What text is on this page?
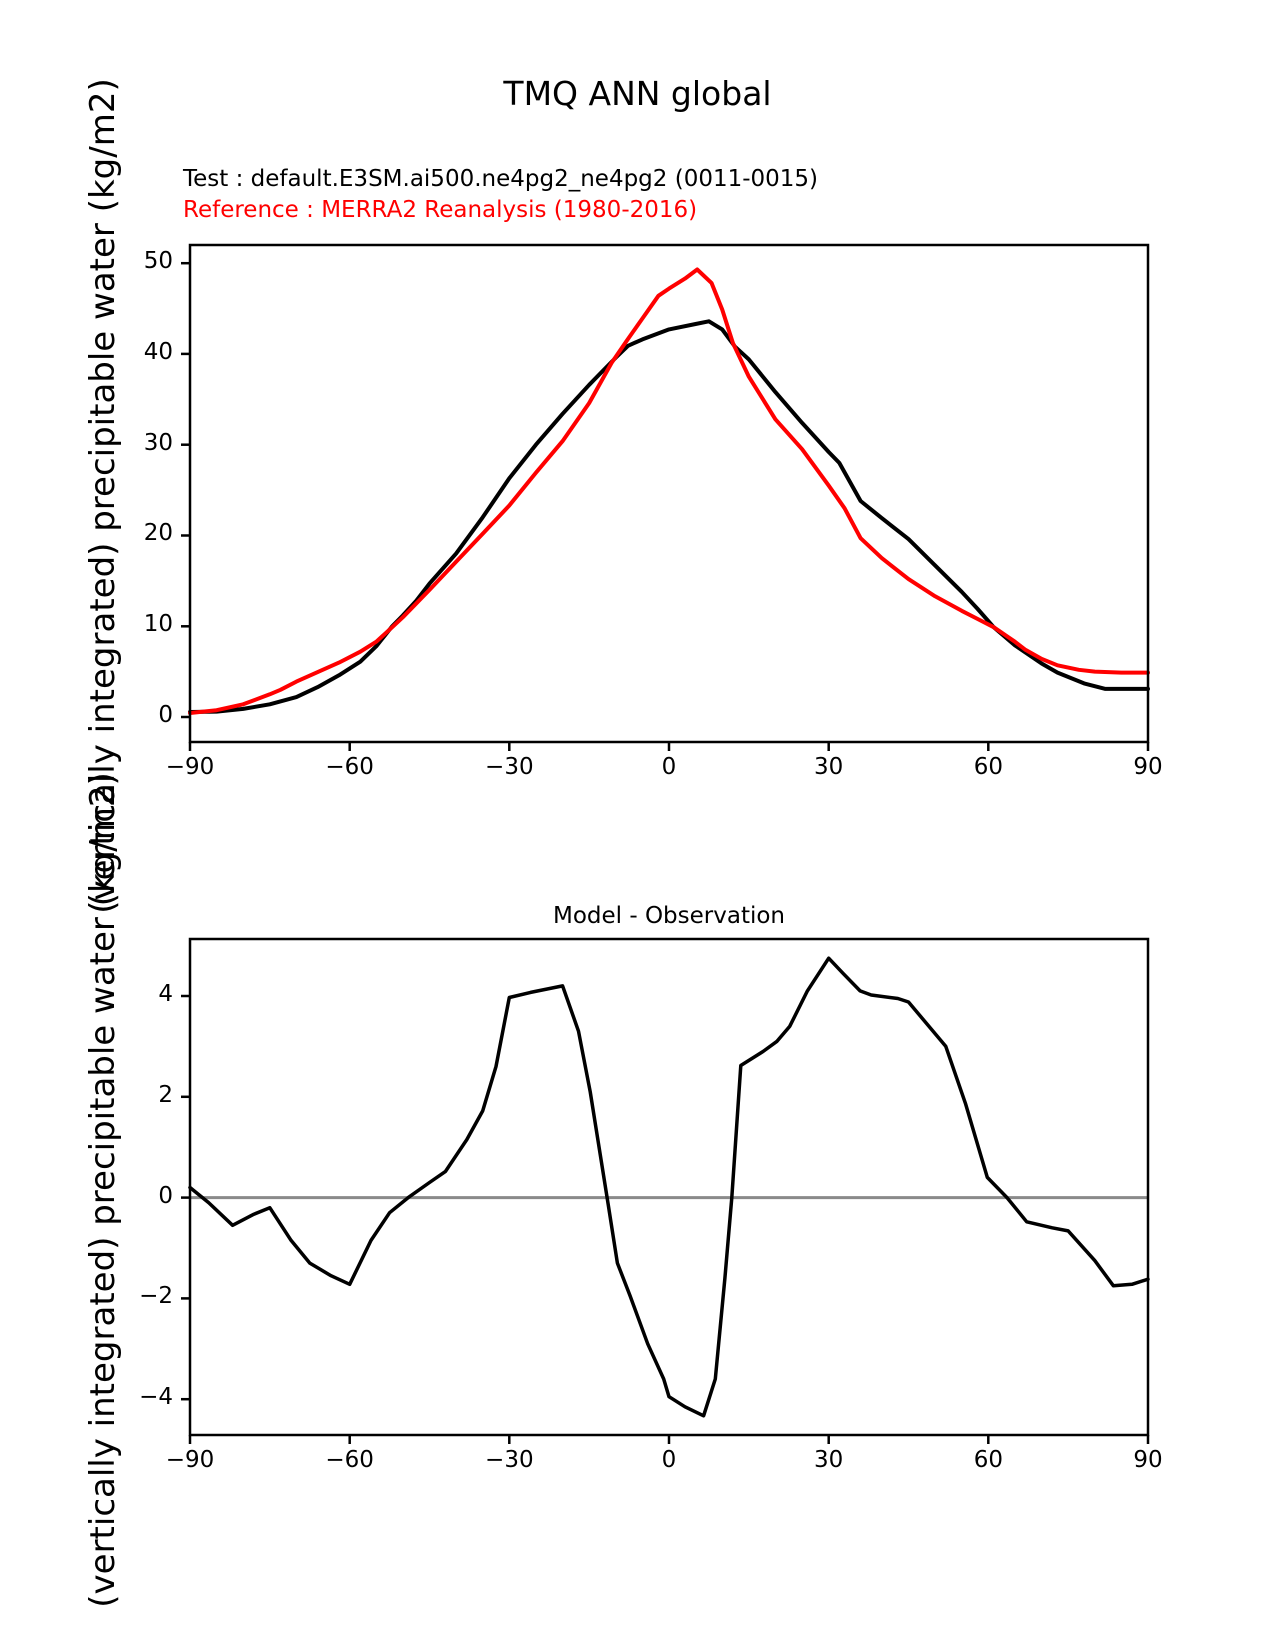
(vertically integrated) precipitable water (kg/m2)
(vertically integrated) precipitable water (kg/m2)
TMQ ANN global
Test : default.E3SM.ai500.ne4pg2_ne4pg2 (0011-0015)
Reference : MERRA2 Reanalysis (1980-2016)
Model - Observation
−90	−60	−30	0	30	60	90
0
10
20
30
40
50
−90	−60	−30	0	30	60	90
−4
−2
0
2
4
